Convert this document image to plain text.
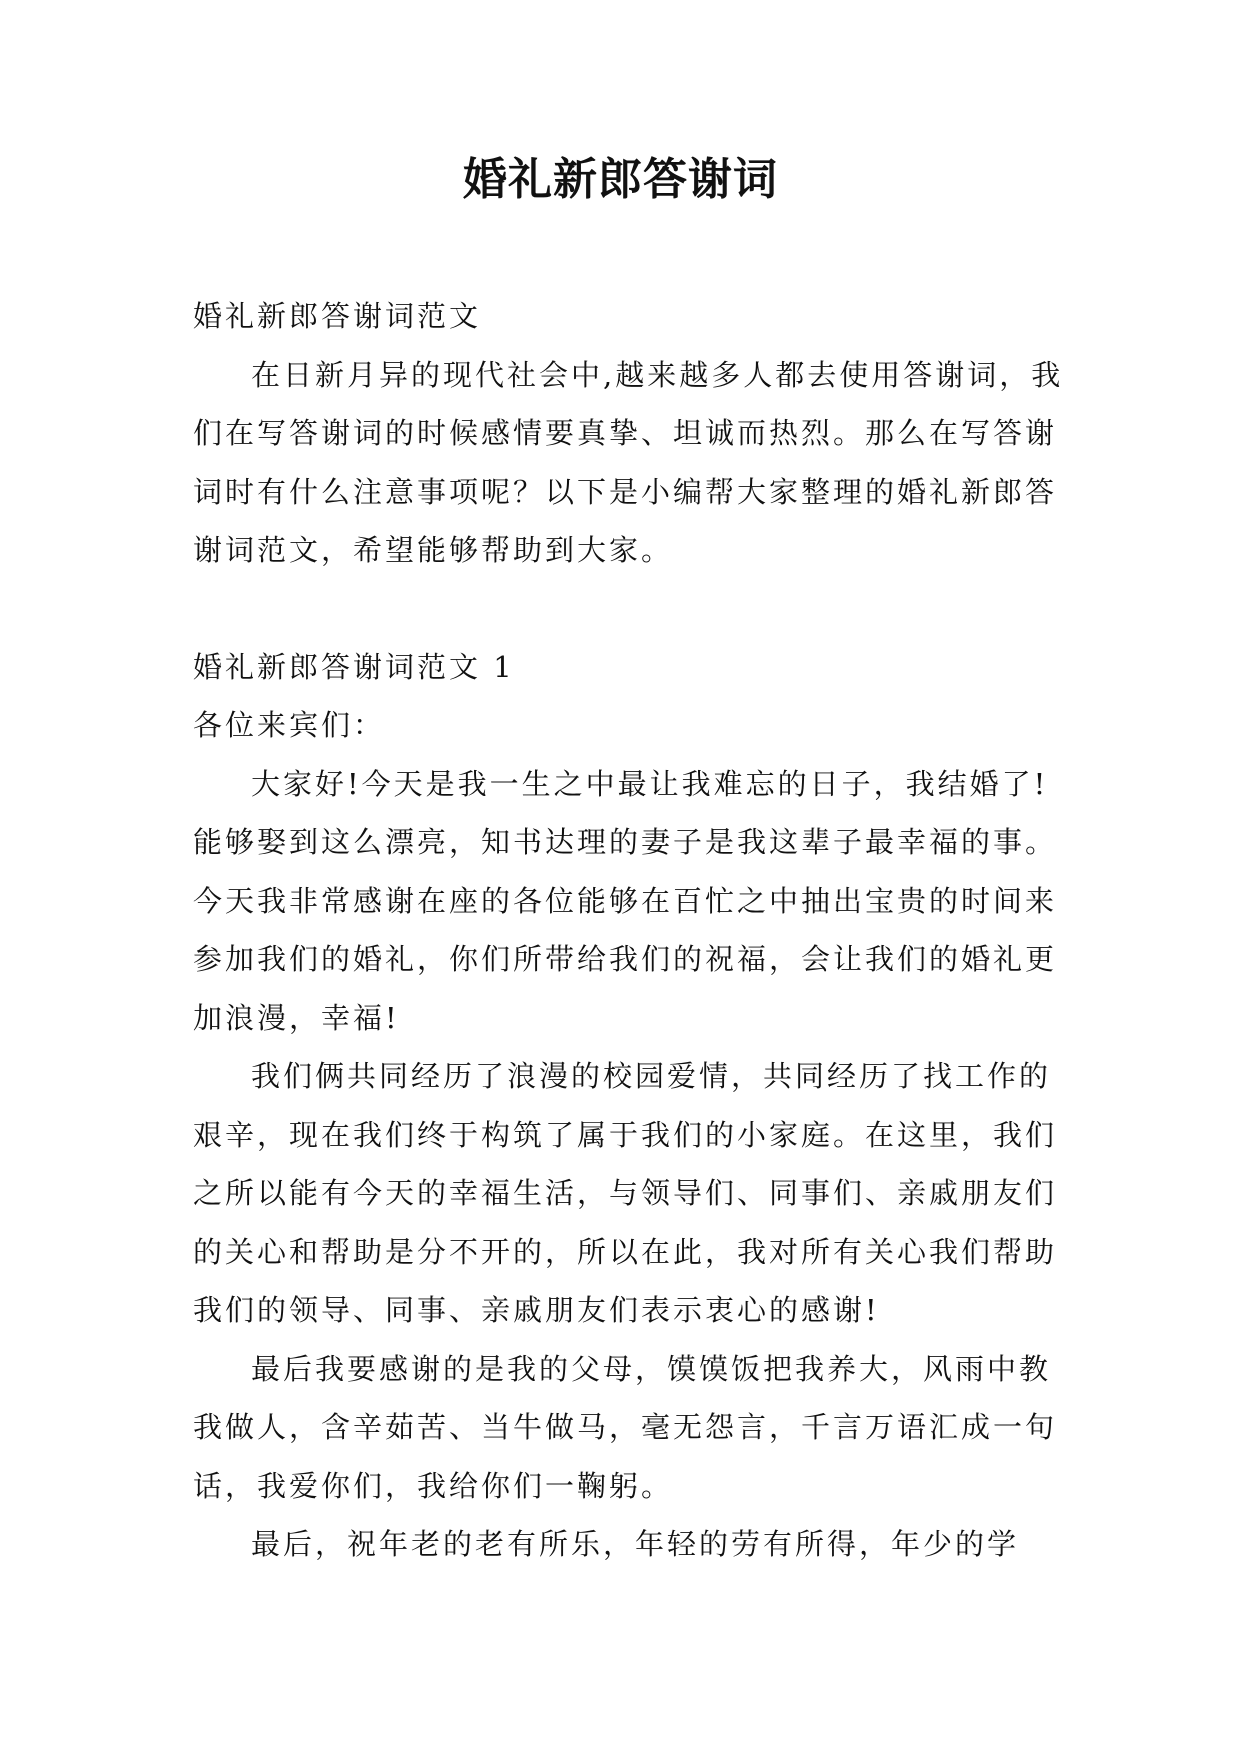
婚礼新郎答谢词

婚礼新郎答谢词范文

在日新月异的现代社会中,越来越多人都去使用答谢词，我们在写答谢词的时候感情要真挚、坦诚而热烈。那么在写答谢词时有什么注意事项呢？以下是小编帮大家整理的婚礼新郎答谢词范文，希望能够帮助到大家。

婚礼新郎答谢词范文 1

各位来宾们：

大家好!今天是我一生之中最让我难忘的日子，我结婚了!能够娶到这么漂亮，知书达理的妻子是我这辈子最幸福的事。今天我非常感谢在座的各位能够在百忙之中抽出宝贵的时间来参加我们的婚礼，你们所带给我们的祝福，会让我们的婚礼更加浪漫，幸福!

我们俩共同经历了浪漫的校园爱情，共同经历了找工作的艰辛，现在我们终于构筑了属于我们的小家庭。在这里，我们之所以能有今天的幸福生活，与领导们、同事们、亲戚朋友们的关心和帮助是分不开的，所以在此，我对所有关心我们帮助我们的领导、同事、亲戚朋友们表示衷心的感谢!

最后我要感谢的是我的父母，馍馍饭把我养大，风雨中教我做人，含辛茹苦、当牛做马，毫无怨言，千言万语汇成一句话，我爱你们，我给你们一鞠躬。

最后，祝年老的老有所乐，年轻的劳有所得，年少的学
